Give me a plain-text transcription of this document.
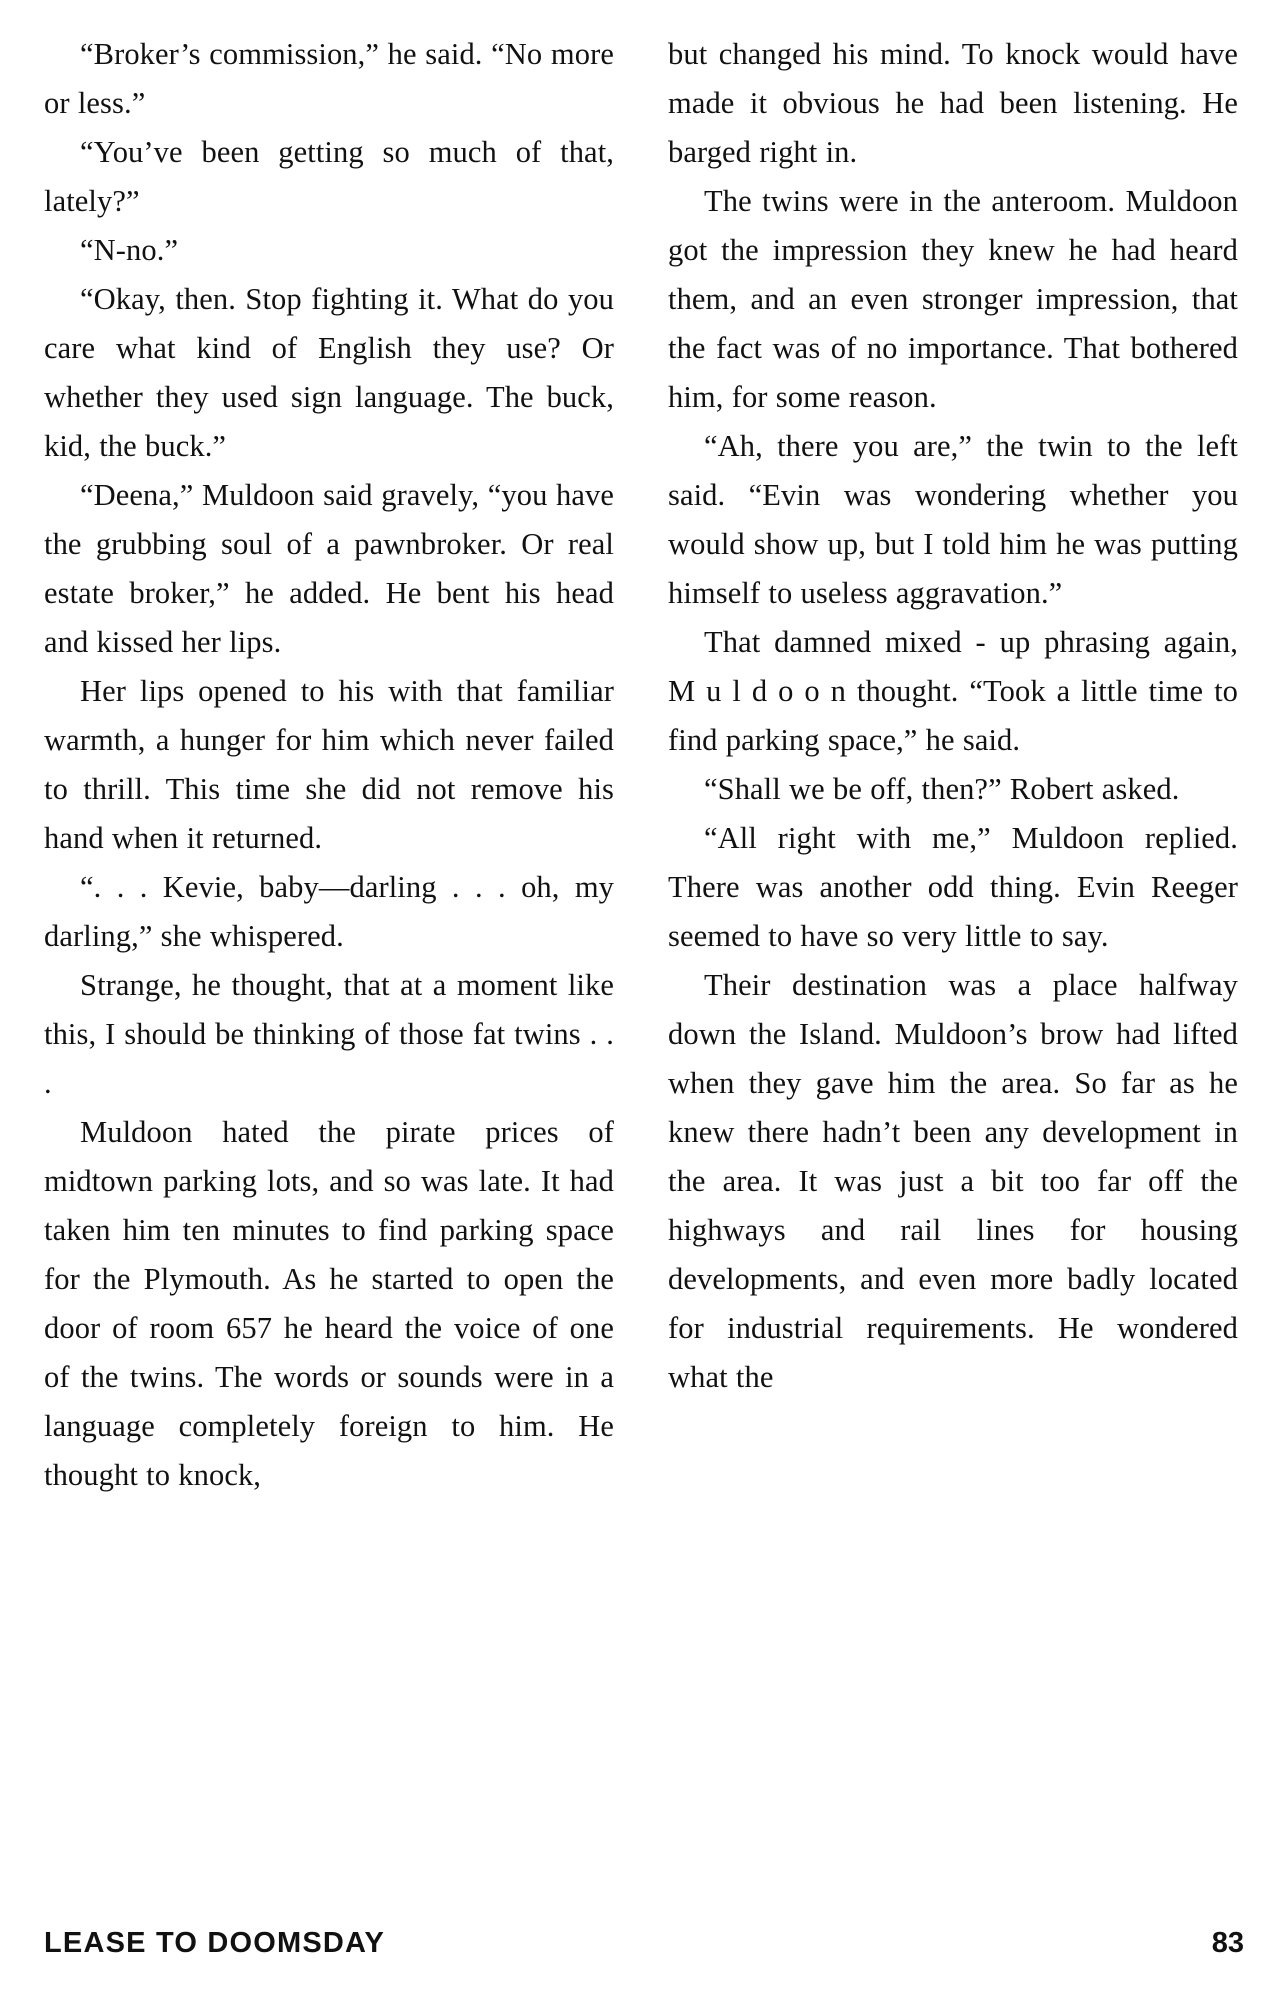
“Broker’s commission,” he said. “No more or less.”

“You’ve been getting so much of that, lately?”

“N-no.”

“Okay, then. Stop fighting it. What do you care what kind of English they use? Or whether they used sign language. The buck, kid, the buck.”

“Deena,” Muldoon said gravely, “you have the grubbing soul of a pawnbroker. Or real estate broker,” he added. He bent his head and kissed her lips.

Her lips opened to his with that familiar warmth, a hunger for him which never failed to thrill. This time she did not remove his hand when it returned.

“. . . Kevie, baby—darling . . . oh, my darling,” she whispered.

Strange, he thought, that at a moment like this, I should be thinking of those fat twins . . .

Muldoon hated the pirate prices of midtown parking lots, and so was late. It had taken him ten minutes to find parking space for the Plymouth. As he started to open the door of room 657 he heard the voice of one of the twins. The words or sounds were in a language completely foreign to him. He thought to knock,

but changed his mind. To knock would have made it obvious he had been listening. He barged right in.

The twins were in the anteroom. Muldoon got the impression they knew he had heard them, and an even stronger impression, that the fact was of no importance. That bothered him, for some reason.

“Ah, there you are,” the twin to the left said. “Evin was wondering whether you would show up, but I told him he was putting himself to useless aggravation.”

That damned mixed - up phrasing again, M u l d o o n thought. “Took a little time to find parking space,” he said.

“Shall we be off, then?” Robert asked.

“All right with me,” Muldoon replied. There was another odd thing. Evin Reeger seemed to have so very little to say.

Their destination was a place halfway down the Island. Muldoon’s brow had lifted when they gave him the area. So far as he knew there hadn’t been any development in the area. It was just a bit too far off the highways and rail lines for housing developments, and even more badly located for industrial requirements. He wondered what the

LEASE TO DOOMSDAY	83
